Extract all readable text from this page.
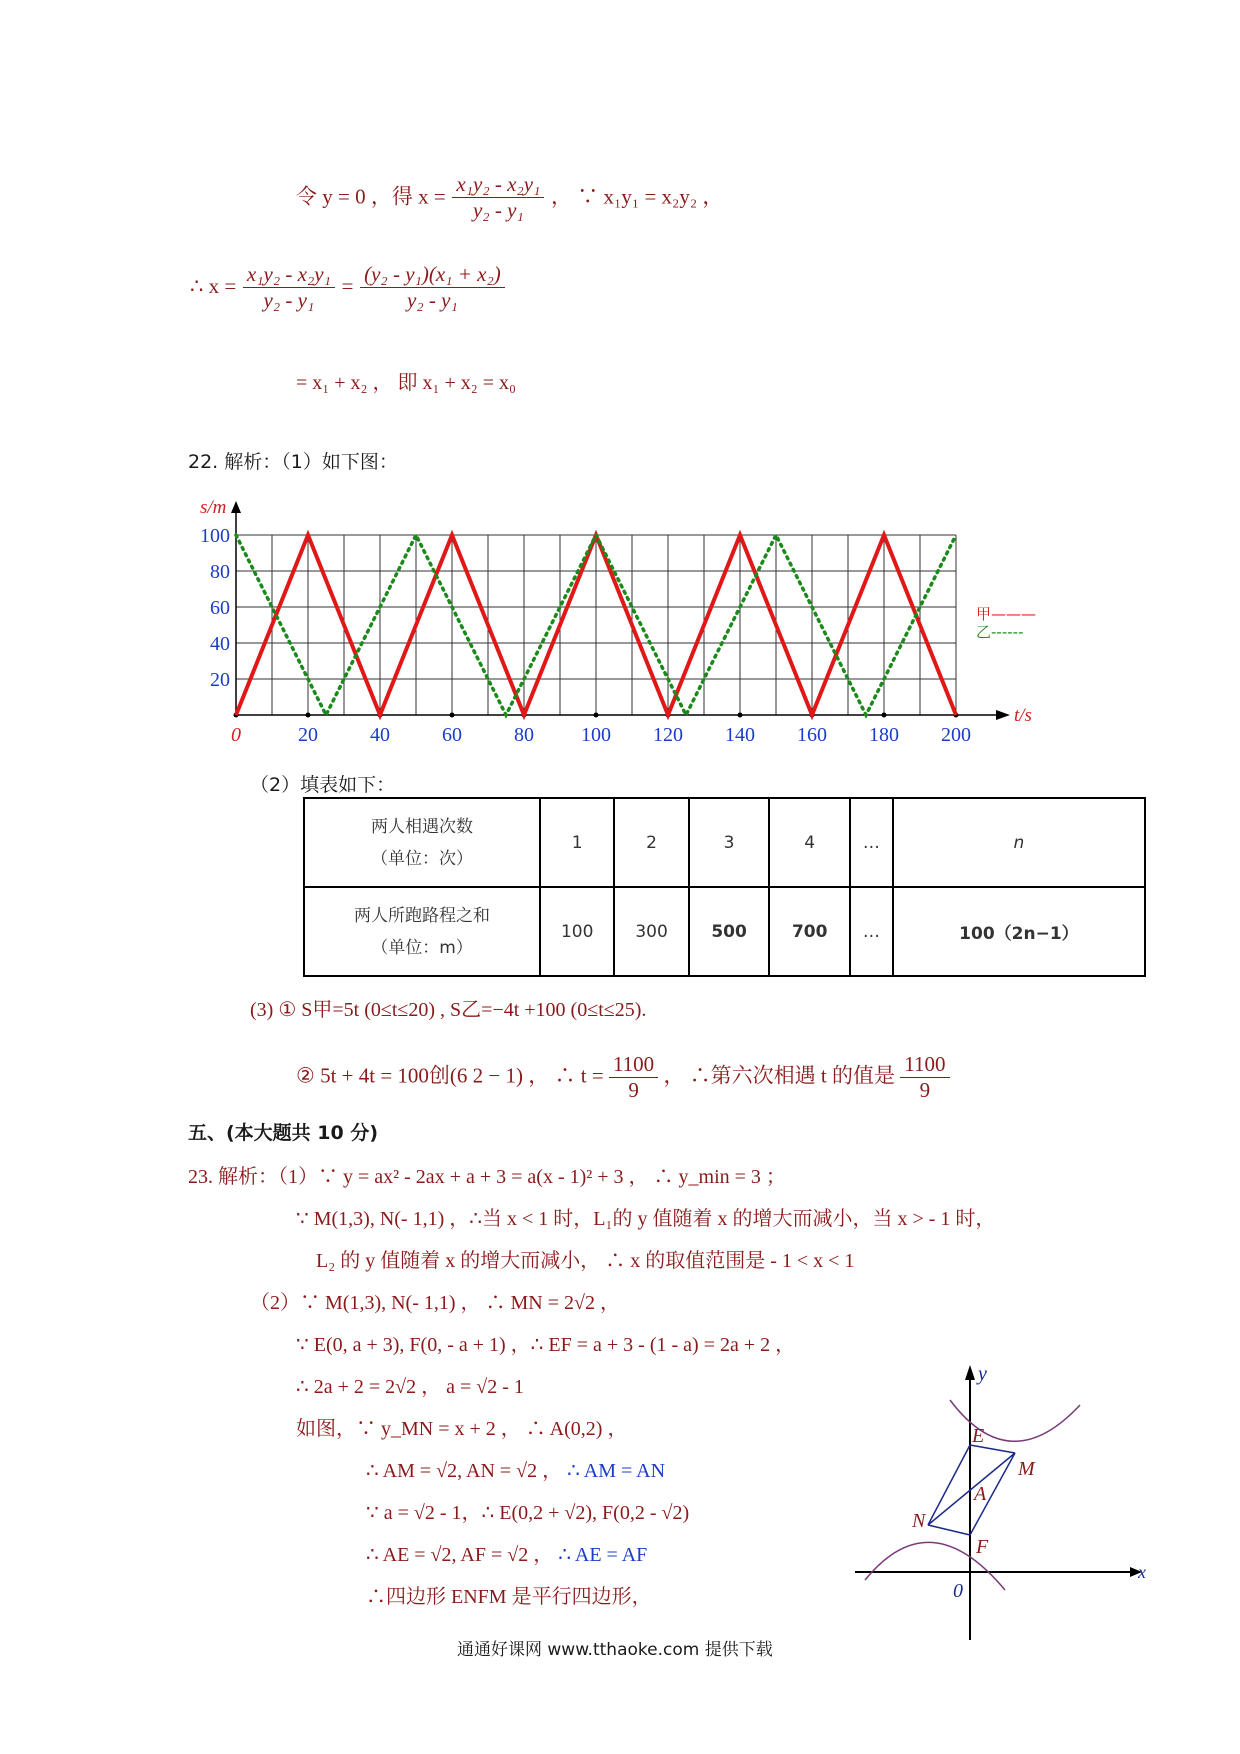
令 y = 0 ，得 $x = \frac{\text{x₁y₂ - x₂y₁}}{\text{y₂ - y₁}}$ ， ∵ x₁y₁ = x₂y₂ ，
∴ $x = \frac{\text{x₁y₂ - x₂y₁}}{\text{y₂ - y₁}} = \frac{\text{(y₂ - y₁)(x₁ + x₂)}}{\text{y₂ - y₁}}$
= x₁ + x₂ ， 即 x₁ + x₂ = x₀
22. 解析：（1）如下图：
0	20	40	60	80 100 120 140 160 180 200
20
40
60
80
100
s/m
t/s
甲———
乙------
（2）填表如下：
两人相遇次数
（单位：次）	1	2	3	4	…	n

两人所跑路程之和
（单位：m）	100	300	500	700	…	100（2n−1）
(3) ① S甲=5t (0≤t≤20) , S乙=−4t +100 (0≤t≤25).
② 5t + 4t = 100创(6 2 − 1) ， ∴ $t = \frac{1100}{9}$ ， ∴第六次相遇 t 的值是 $\frac{1100}{9}$
五、(本大题共 10 分)
23. 解析：（1）∵ y = ax² - 2ax + a + 3 = a(x - 1)² + 3 ， ∴ y_min = 3 ；
∵ M(1,3), N(- 1,1) ，∴当 x < 1 时，L₁的 y 值随着 x 的增大而减小，当 x > - 1 时，
L₂ 的 y 值随着 x 的增大而减小， ∴ x 的取值范围是 - 1 < x < 1
（2）∵ M(1,3), N(- 1,1) ， ∴ MN = 2√2 ，
∵ E(0, a + 3), F(0, - a + 1) ，∴ EF = a + 3 - (1 - a) = 2a + 2 ，
∴ 2a + 2 = 2√2 ， a = √2 - 1
如图，∵ y_MN = x + 2 ， ∴ A(0,2) ，
∴ AM = √2, AN = √2 ， ∴ AM = AN
∵ a = √2 - 1，∴ E(0,2 + √2), F(0,2 - √2)
∴ AE = √2, AF = √2 ， ∴ AE = AF
∴四边形 ENFM 是平行四边形，
y
E
M
A
N
F
0
x
通通好课网 www.tthaoke.com 提供下载
